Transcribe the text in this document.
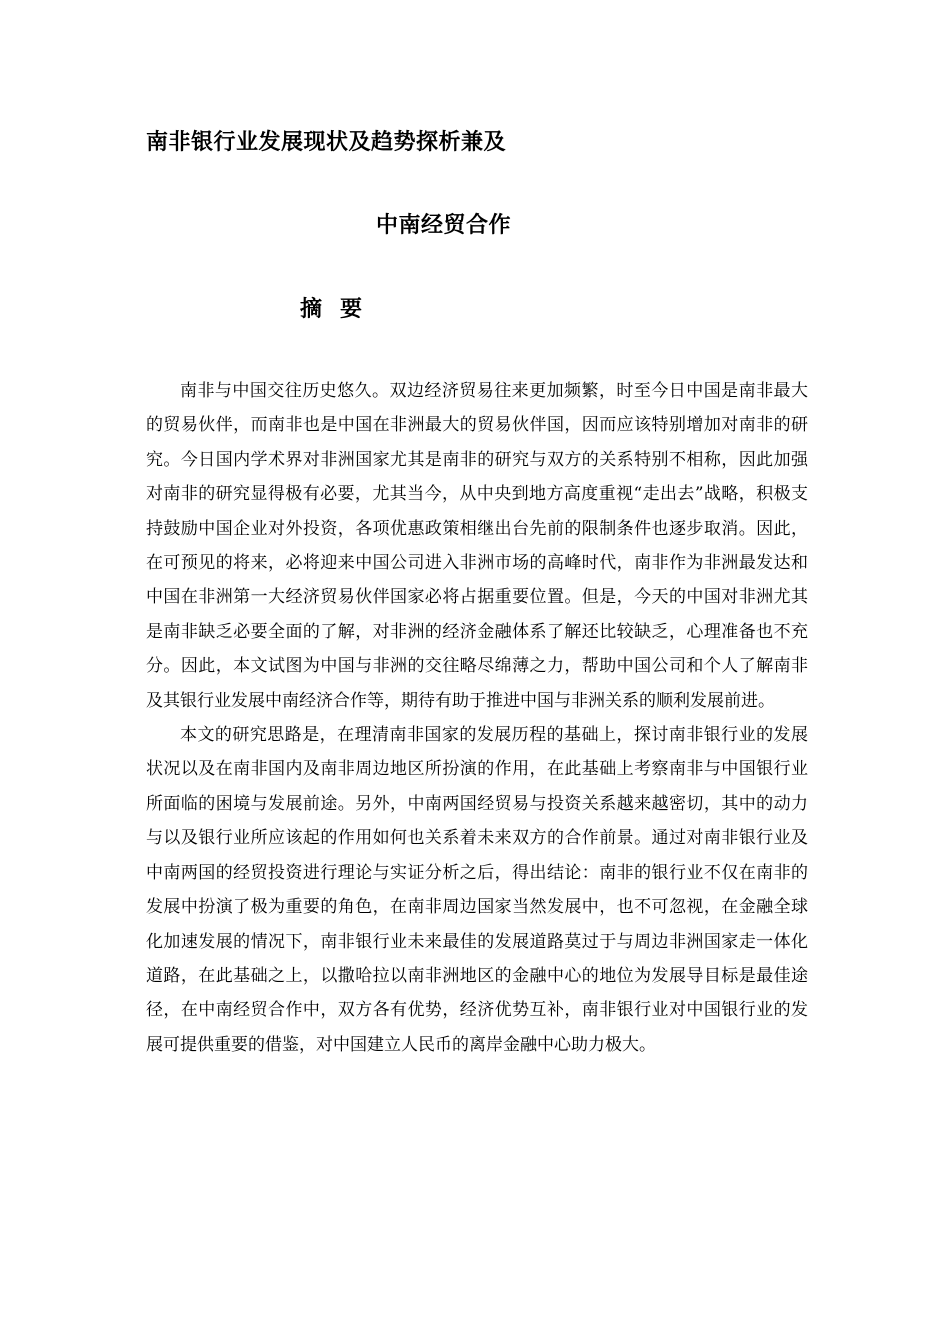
南非银行业发展现状及趋势探析兼及
中南经贸合作
摘要

南非与中国交往历史悠久。双边经济贸易往来更加频繁，时至今日中国是南非最大的贸易伙伴，而南非也是中国在非洲最大的贸易伙伴国，因而应该特别增加对南非的研究。今日国内学术界对非洲国家尤其是南非的研究与双方的关系特别不相称，因此加强对南非的研究显得极有必要，尤其当今，从中央到地方高度重视“走出去”战略，积极支持鼓励中国企业对外投资，各项优惠政策相继出台先前的限制条件也逐步取消。因此，在可预见的将来，必将迎来中国公司进入非洲市场的高峰时代，南非作为非洲最发达和中国在非洲第一大经济贸易伙伴国家必将占据重要位置。但是，今天的中国对非洲尤其是南非缺乏必要全面的了解，对非洲的经济金融体系了解还比较缺乏，心理准备也不充分。因此，本文试图为中国与非洲的交往略尽绵薄之力，帮助中国公司和个人了解南非及其银行业发展中南经济合作等，期待有助于推进中国与非洲关系的顺利发展前进。

本文的研究思路是，在理清南非国家的发展历程的基础上，探讨南非银行业的发展状况以及在南非国内及南非周边地区所扮演的作用，在此基础上考察南非与中国银行业所面临的困境与发展前途。另外，中南两国经贸易与投资关系越来越密切，其中的动力与以及银行业所应该起的作用如何也关系着未来双方的合作前景。通过对南非银行业及中南两国的经贸投资进行理论与实证分析之后，得出结论：南非的银行业不仅在南非的发展中扮演了极为重要的角色，在南非周边国家当然发展中，也不可忽视，在金融全球化加速发展的情况下，南非银行业未来最佳的发展道路莫过于与周边非洲国家走一体化道路，在此基础之上，以撒哈拉以南非洲地区的金融中心的地位为发展导目标是最佳途径，在中南经贸合作中，双方各有优势，经济优势互补，南非银行业对中国银行业的发展可提供重要的借鉴，对中国建立人民币的离岸金融中心助力极大。
